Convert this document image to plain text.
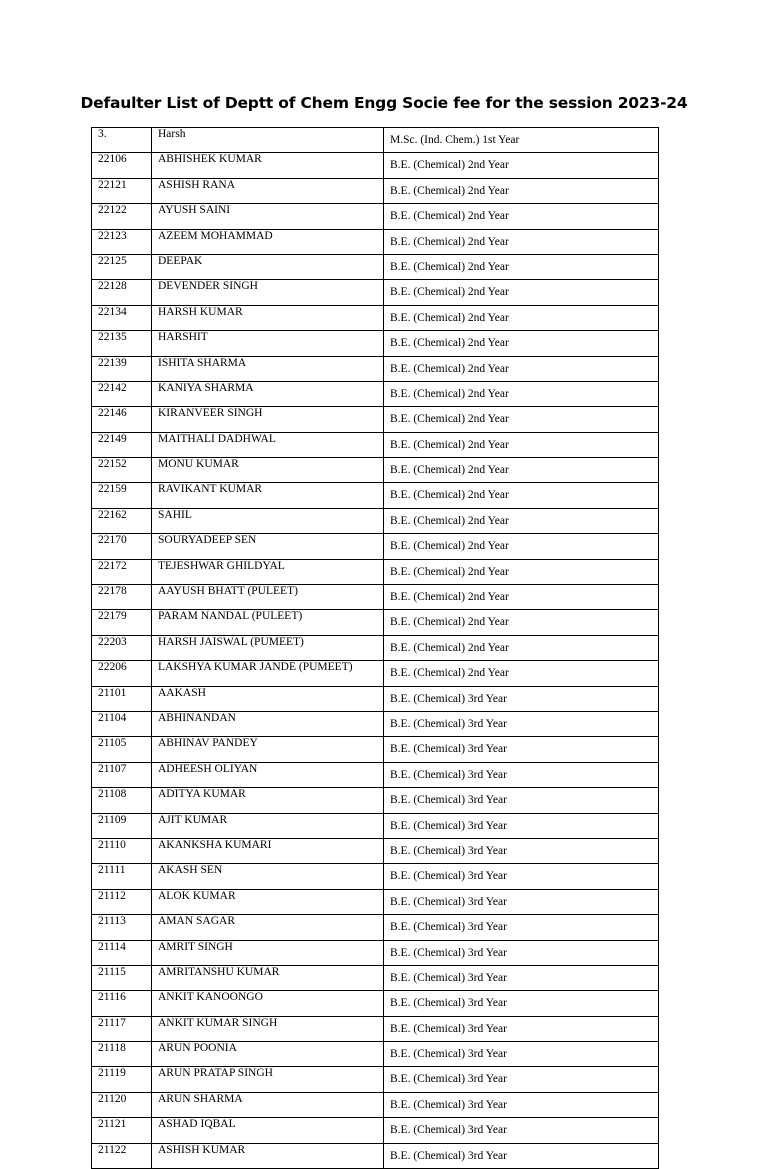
Defaulter List of Deptt of Chem Engg Socie fee for the session 2023-24
3.	Harsh	M.Sc. (Ind. Chem.) 1st Year
22106	ABHISHEK KUMAR	B.E. (Chemical) 2nd Year
22121	ASHISH RANA	B.E. (Chemical) 2nd Year
22122	AYUSH SAINI	B.E. (Chemical) 2nd Year
22123	AZEEM MOHAMMAD	B.E. (Chemical) 2nd Year
22125	DEEPAK	B.E. (Chemical) 2nd Year
22128	DEVENDER SINGH	B.E. (Chemical) 2nd Year
22134	HARSH KUMAR	B.E. (Chemical) 2nd Year
22135	HARSHIT	B.E. (Chemical) 2nd Year
22139	ISHITA SHARMA	B.E. (Chemical) 2nd Year
22142	KANIYA SHARMA	B.E. (Chemical) 2nd Year
22146	KIRANVEER SINGH	B.E. (Chemical) 2nd Year
22149	MAITHALI DADHWAL	B.E. (Chemical) 2nd Year
22152	MONU KUMAR	B.E. (Chemical) 2nd Year
22159	RAVIKANT KUMAR	B.E. (Chemical) 2nd Year
22162	SAHIL	B.E. (Chemical) 2nd Year
22170	SOURYADEEP SEN	B.E. (Chemical) 2nd Year
22172	TEJESHWAR GHILDYAL	B.E. (Chemical) 2nd Year
22178	AAYUSH BHATT (PULEET)	B.E. (Chemical) 2nd Year
22179	PARAM NANDAL (PULEET)	B.E. (Chemical) 2nd Year
22203	HARSH JAISWAL (PUMEET)	B.E. (Chemical) 2nd Year
22206	LAKSHYA KUMAR JANDE (PUMEET)	B.E. (Chemical) 2nd Year
21101	AAKASH	B.E. (Chemical) 3rd Year
21104	ABHINANDAN	B.E. (Chemical) 3rd Year
21105	ABHINAV PANDEY	B.E. (Chemical) 3rd Year
21107	ADHEESH OLIYAN	B.E. (Chemical) 3rd Year
21108	ADITYA KUMAR	B.E. (Chemical) 3rd Year
21109	AJIT KUMAR	B.E. (Chemical) 3rd Year
21110	AKANKSHA KUMARI	B.E. (Chemical) 3rd Year
21111	AKASH SEN	B.E. (Chemical) 3rd Year
21112	ALOK KUMAR	B.E. (Chemical) 3rd Year
21113	AMAN SAGAR	B.E. (Chemical) 3rd Year
21114	AMRIT SINGH	B.E. (Chemical) 3rd Year
21115	AMRITANSHU KUMAR	B.E. (Chemical) 3rd Year
21116	ANKIT KANOONGO	B.E. (Chemical) 3rd Year
21117	ANKIT KUMAR SINGH	B.E. (Chemical) 3rd Year
21118	ARUN POONIA	B.E. (Chemical) 3rd Year
21119	ARUN PRATAP SINGH	B.E. (Chemical) 3rd Year
21120	ARUN SHARMA	B.E. (Chemical) 3rd Year
21121	ASHAD IQBAL	B.E. (Chemical) 3rd Year
21122	ASHISH KUMAR	B.E. (Chemical) 3rd Year
